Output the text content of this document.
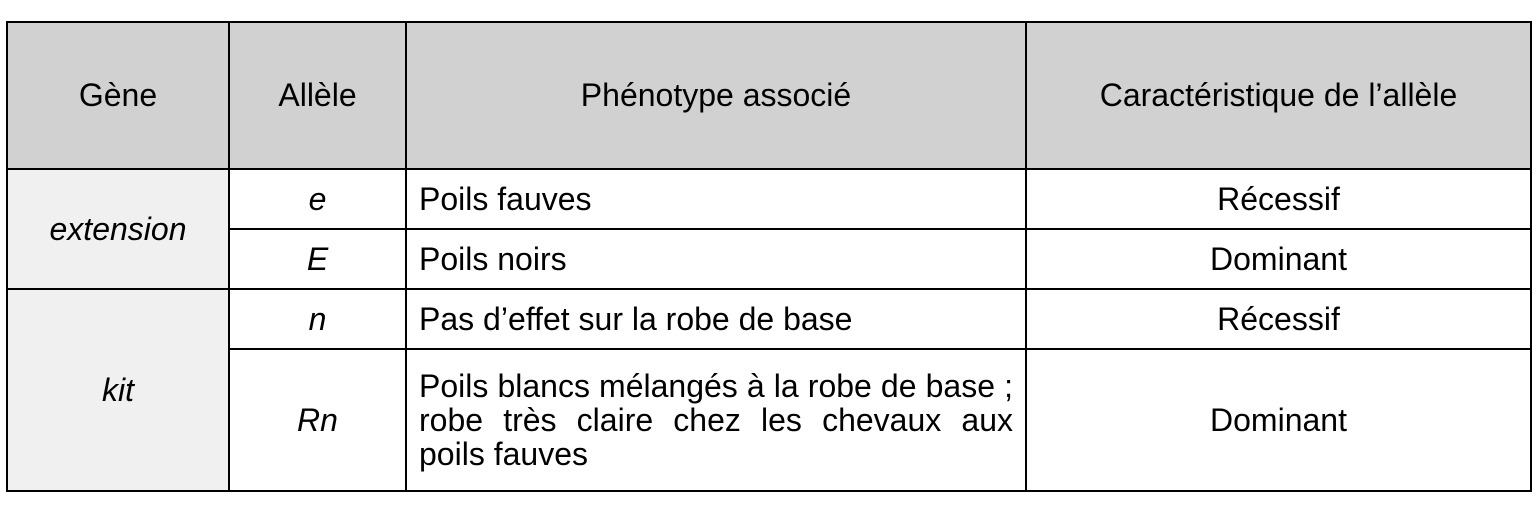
Gène	Allèle	Phénotype associé	Caractéristique de l’allèle
extension	e	Poils fauves	Récessif
	E	Poils noirs	Dominant
kit	n	Pas d’effet sur la robe de base	Récessif
	Rn	Poils blancs mélangés à la robe de base ; robe très claire chez les chevaux aux poils fauves	Dominant
